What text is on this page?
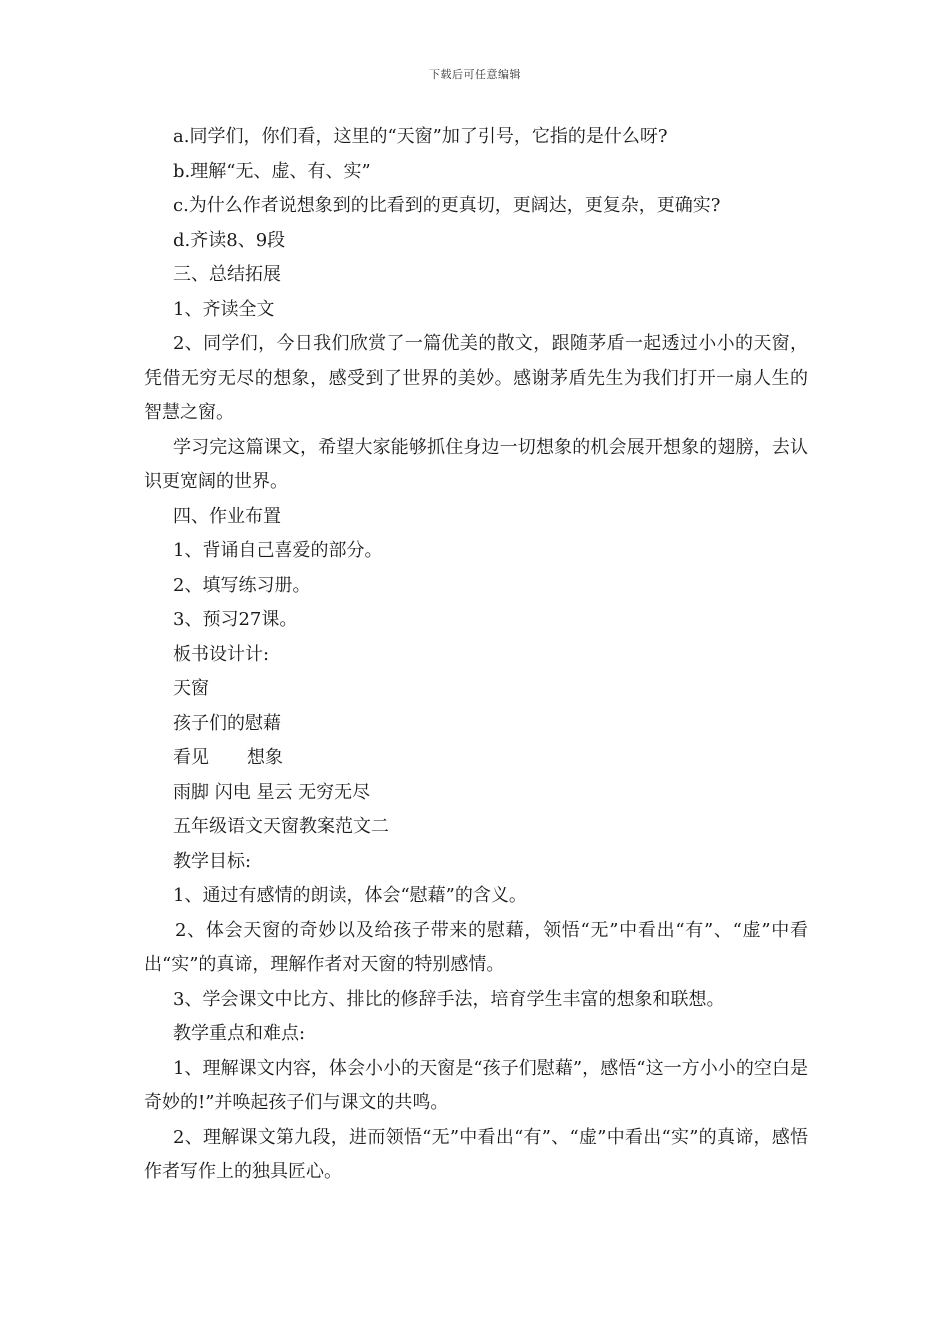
下载后可任意编辑

a.同学们，你们看，这里的“天窗”加了引号，它指的是什么呀?

b.理解“无、虚、有、实”

c.为什么作者说想象到的比看到的更真切，更阔达，更复杂，更确实?

d.齐读8、9段

三、总结拓展

1、齐读全文

2、同学们，今日我们欣赏了一篇优美的散文，跟随茅盾一起透过小小的天窗，凭借无穷无尽的想象，感受到了世界的美妙。感谢茅盾先生为我们打开一扇人生的智慧之窗。

学习完这篇课文，希望大家能够抓住身边一切想象的机会展开想象的翅膀，去认识更宽阔的世界。

四、作业布置

1、背诵自己喜爱的部分。

2、填写练习册。

3、预习27课。

板书设计计:

天窗

孩子们的慰藉

看见 想象

雨脚 闪电 星云 无穷无尽

五年级语文天窗教案范文二

教学目标:

1、通过有感情的朗读，体会“慰藉”的含义。

2、体会天窗的奇妙以及给孩子带来的慰藉，领悟“无”中看出“有”、“虚”中看出“实”的真谛，理解作者对天窗的特别感情。

3、学会课文中比方、排比的修辞手法，培育学生丰富的想象和联想。

教学重点和难点:

1、理解课文内容，体会小小的天窗是“孩子们慰藉”，感悟“这一方小小的空白是奇妙的!”并唤起孩子们与课文的共鸣。

2、理解课文第九段，进而领悟“无”中看出“有”、“虚”中看出“实”的真谛，感悟作者写作上的独具匠心。
